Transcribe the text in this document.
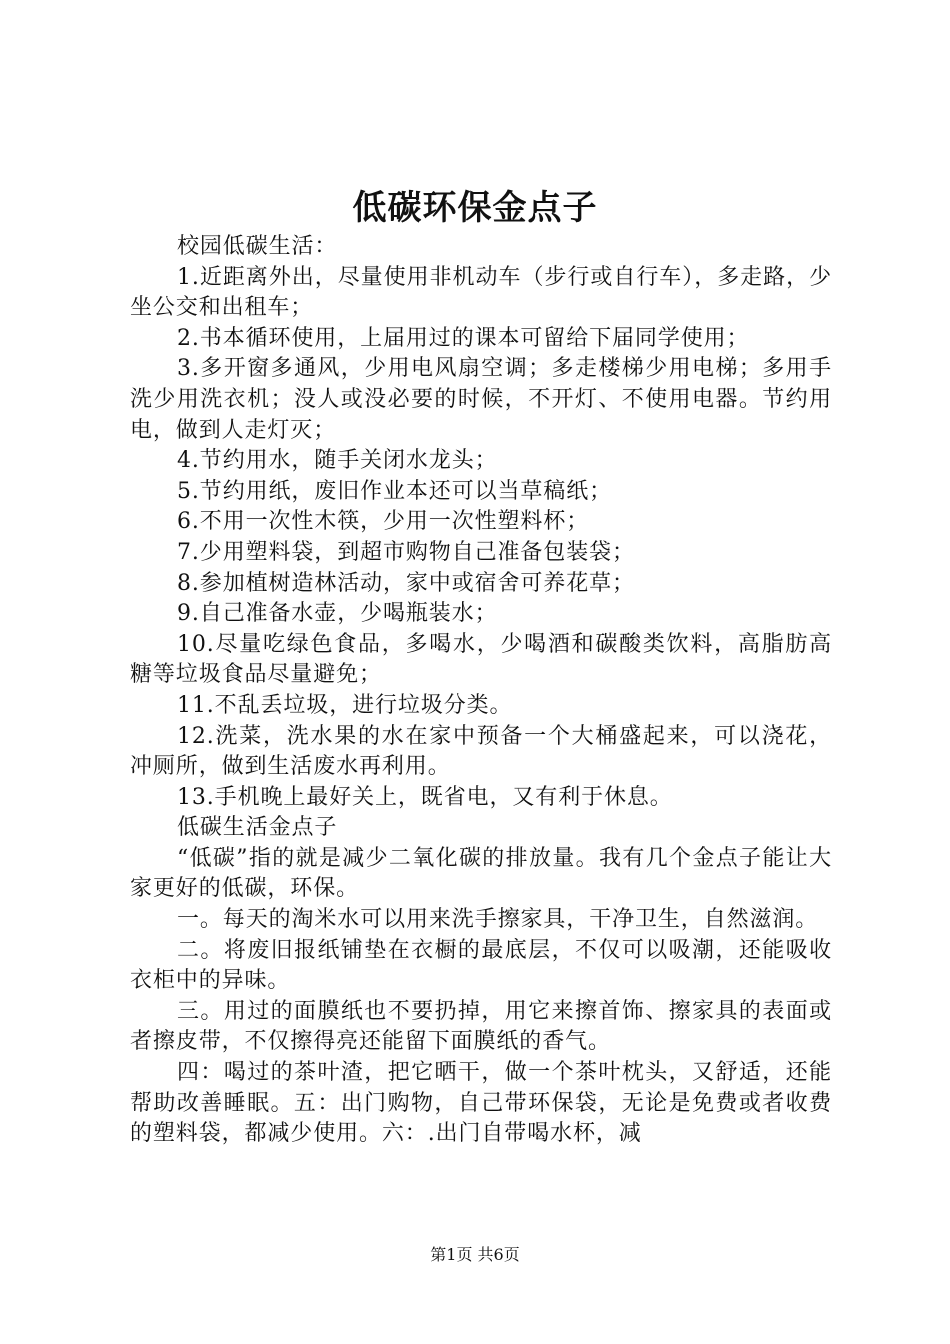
低碳环保金点子

校园低碳生活：

1.近距离外出，尽量使用非机动车（步行或自行车），多走路，少坐公交和出租车；

2.书本循环使用，上届用过的课本可留给下届同学使用；

3.多开窗多通风，少用电风扇空调；多走楼梯少用电梯；多用手洗少用洗衣机；没人或没必要的时候，不开灯、不使用电器。节约用电，做到人走灯灭；

4.节约用水，随手关闭水龙头；

5.节约用纸，废旧作业本还可以当草稿纸；

6.不用一次性木筷，少用一次性塑料杯；

7.少用塑料袋，到超市购物自己准备包装袋；

8.参加植树造林活动，家中或宿舍可养花草；

9.自己准备水壶，少喝瓶装水；

10.尽量吃绿色食品，多喝水，少喝酒和碳酸类饮料，高脂肪高糖等垃圾食品尽量避免；

11.不乱丢垃圾，进行垃圾分类。

12.洗菜，洗水果的水在家中预备一个大桶盛起来，可以浇花，冲厕所，做到生活废水再利用。

13.手机晚上最好关上，既省电，又有利于休息。

低碳生活金点子

“低碳”指的就是减少二氧化碳的排放量。我有几个金点子能让大家更好的低碳，环保。

一。每天的淘米水可以用来洗手擦家具，干净卫生，自然滋润。

二。将废旧报纸铺垫在衣橱的最底层，不仅可以吸潮，还能吸收衣柜中的异味。

三。用过的面膜纸也不要扔掉，用它来擦首饰、擦家具的表面或者擦皮带，不仅擦得亮还能留下面膜纸的香气。

四：喝过的茶叶渣，把它晒干，做一个茶叶枕头，又舒适，还能帮助改善睡眠。五：出门购物，自己带环保袋，无论是免费或者收费的塑料袋，都减少使用。六：.出门自带喝水杯，减

第1页 共6页
